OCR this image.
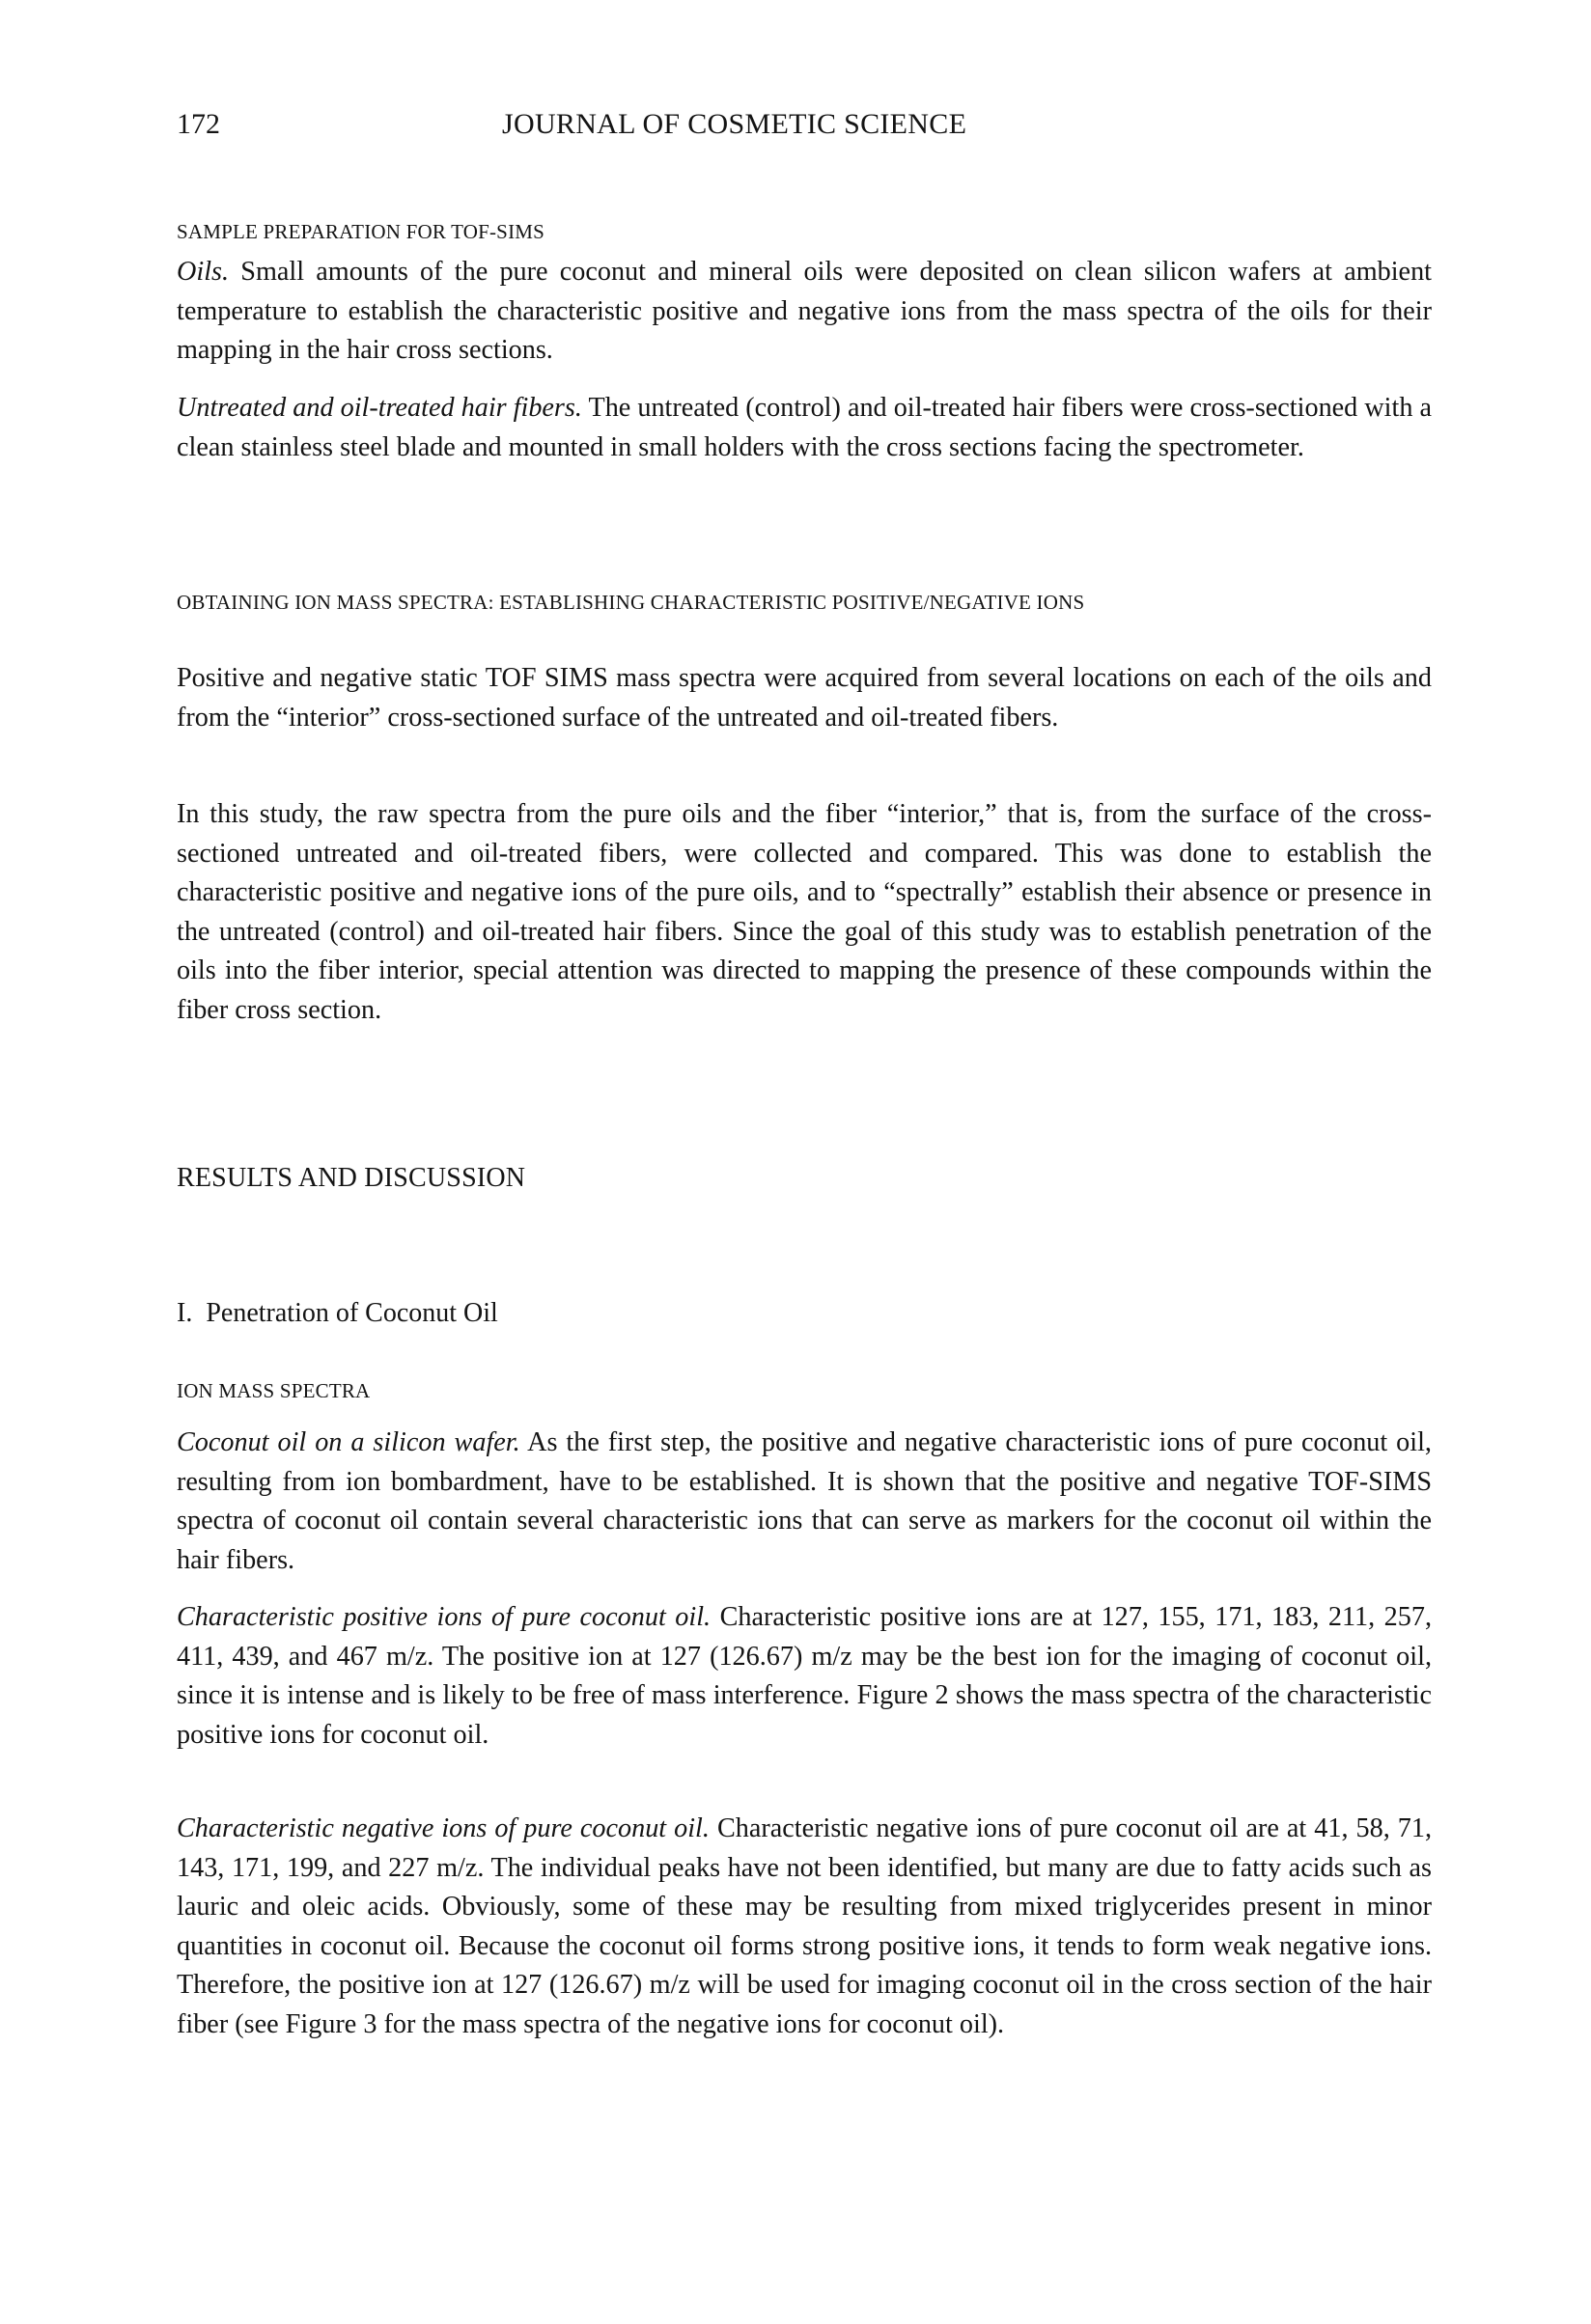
172	JOURNAL OF COSMETIC SCIENCE
SAMPLE PREPARATION FOR TOF-SIMS

Oils. Small amounts of the pure coconut and mineral oils were deposited on clean silicon wafers at ambient temperature to establish the characteristic positive and negative ions from the mass spectra of the oils for their mapping in the hair cross sections.

Untreated and oil-treated hair fibers. The untreated (control) and oil-treated hair fibers were cross-sectioned with a clean stainless steel blade and mounted in small holders with the cross sections facing the spectrometer.

OBTAINING ION MASS SPECTRA: ESTABLISHING CHARACTERISTIC POSITIVE/NEGATIVE IONS

Positive and negative static TOF SIMS mass spectra were acquired from several locations on each of the oils and from the “interior” cross-sectioned surface of the untreated and oil-treated fibers.

In this study, the raw spectra from the pure oils and the fiber “interior,” that is, from the surface of the cross-sectioned untreated and oil-treated fibers, were collected and compared. This was done to establish the characteristic positive and negative ions of the pure oils, and to “spectrally” establish their absence or presence in the untreated (control) and oil-treated hair fibers. Since the goal of this study was to establish penetration of the oils into the fiber interior, special attention was directed to mapping the presence of these compounds within the fiber cross section.

RESULTS AND DISCUSSION
I.  Penetration of Coconut Oil
ION MASS SPECTRA

Coconut oil on a silicon wafer. As the first step, the positive and negative characteristic ions of pure coconut oil, resulting from ion bombardment, have to be established. It is shown that the positive and negative TOF-SIMS spectra of coconut oil contain several characteristic ions that can serve as markers for the coconut oil within the hair fibers.

Characteristic positive ions of pure coconut oil. Characteristic positive ions are at 127, 155, 171, 183, 211, 257, 411, 439, and 467 m/z. The positive ion at 127 (126.67) m/z may be the best ion for the imaging of coconut oil, since it is intense and is likely to be free of mass interference. Figure 2 shows the mass spectra of the characteristic positive ions for coconut oil.

Characteristic negative ions of pure coconut oil. Characteristic negative ions of pure coconut oil are at 41, 58, 71, 143, 171, 199, and 227 m/z. The individual peaks have not been identified, but many are due to fatty acids such as lauric and oleic acids. Obviously, some of these may be resulting from mixed triglycerides present in minor quantities in coconut oil. Because the coconut oil forms strong positive ions, it tends to form weak negative ions. Therefore, the positive ion at 127 (126.67) m/z will be used for imaging coconut oil in the cross section of the hair fiber (see Figure 3 for the mass spectra of the negative ions for coconut oil).
